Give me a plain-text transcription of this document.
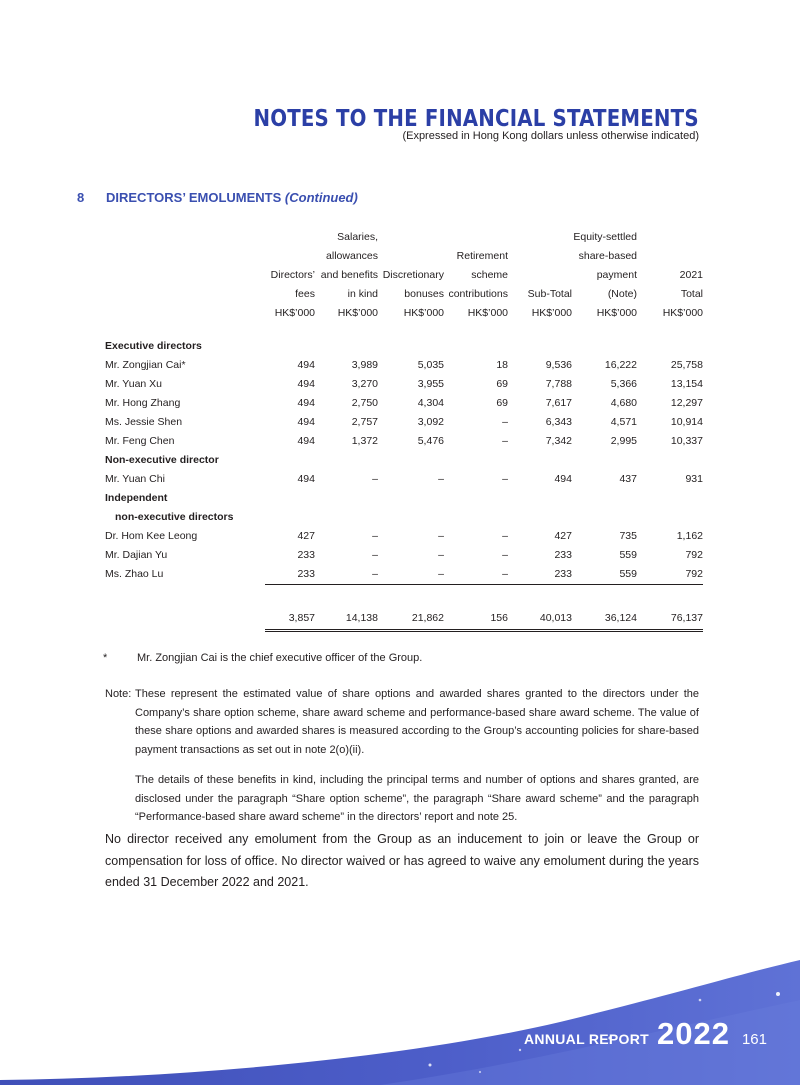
NOTES TO THE FINANCIAL STATEMENTS
(Expressed in Hong Kong dollars unless otherwise indicated)
8 DIRECTORS’ EMOLUMENTS (Continued)
		Salaries,				Equity-settled	
		allowances		Retirement		share-based	
	Directors’	and benefits	Discretionary	scheme		payment	2021
	fees	in kind	bonuses	contributions	Sub-Total	(Note)	Total
	HK$’000	HK$’000	HK$’000	HK$’000	HK$’000	HK$’000	HK$’000

Executive directors							
Mr. Zongjian Cai*	494	3,989	5,035	18	9,536	16,222	25,758
Mr. Yuan Xu	494	3,270	3,955	69	7,788	5,366	13,154
Mr. Hong Zhang	494	2,750	4,304	69	7,617	4,680	12,297
Ms. Jessie Shen	494	2,757	3,092	–	6,343	4,571	10,914
Mr. Feng Chen	494	1,372	5,476	–	7,342	2,995	10,337
Non-executive director							
Mr. Yuan Chi	494	–	–	–	494	437	931
Independent							
non-executive directors							
Dr. Hom Kee Leong	427	–	–	–	427	735	1,162
Mr. Dajian Yu	233	–	–	–	233	559	792
Ms. Zhao Lu	233	–	–	–	233	559	792

	3,857	14,138	21,862	156	40,013	36,124	76,137
*	Mr. Zongjian Cai is the chief executive officer of the Group.
Note: These represent the estimated value of share options and awarded shares granted to the directors under the Company’s share option scheme, share award scheme and performance-based share award scheme. The value of these share options and awarded shares is measured according to the Group’s accounting policies for share-based payment transactions as set out in note 2(o)(ii).

The details of these benefits in kind, including the principal terms and number of options and shares granted, are disclosed under the paragraph “Share option scheme”, the paragraph “Share award scheme” and the paragraph “Performance-based share award scheme” in the directors’ report and note 25.

No director received any emolument from the Group as an inducement to join or leave the Group or compensation for loss of office. No director waived or has agreed to waive any emolument during the years ended 31 December 2022 and 2021.
ANNUAL REPORT 2022 161
